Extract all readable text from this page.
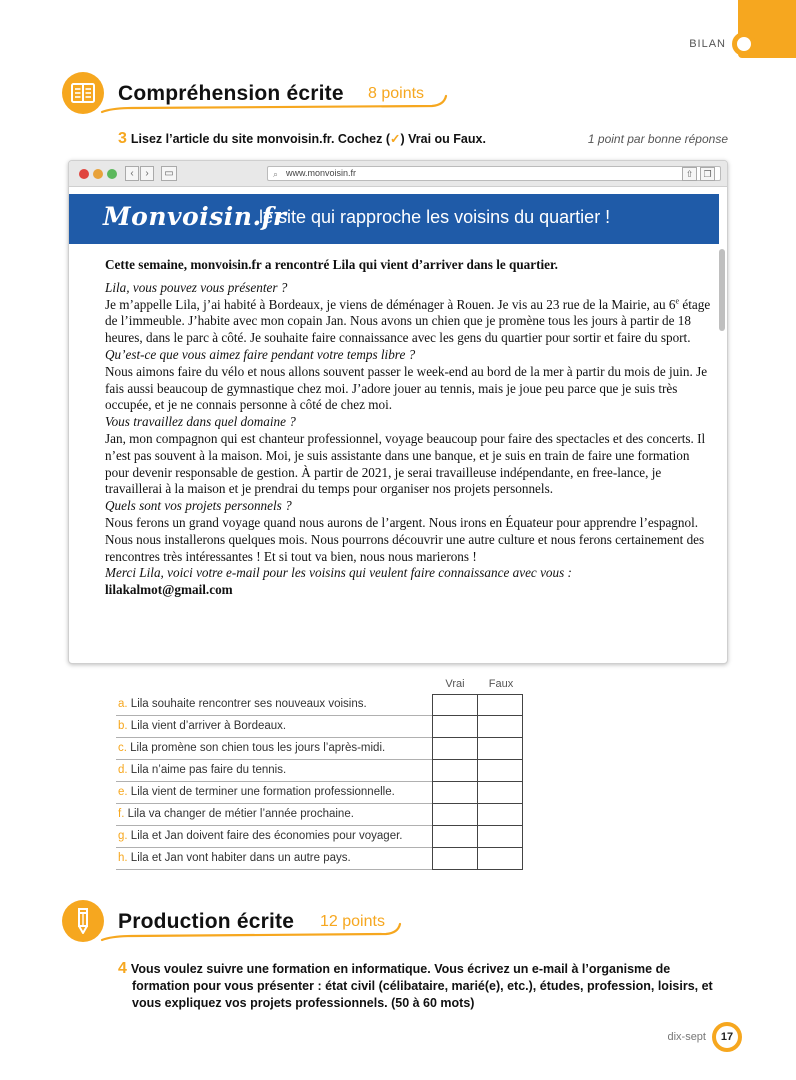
BILAN
Compréhension écrite 8 points
3 Lisez l’article du site monvoisin.fr. Cochez (✓) Vrai ou Faux.	1 point par bonne réponse
‹	›	▭	⌕ www.monvoisin.fr	⇧	❐
Monvoisin.fr
le site qui rapproche les voisins du quartier !

Cette semaine, monvoisin.fr a rencontré Lila qui vient d’arriver dans le quartier.

Lila, vous pouvez vous présenter ?

Je m’appelle Lila, j’ai habité à Bordeaux, je viens de déménager à Rouen. Je vis au 23 rue de la Mairie, au 6e étage de l’immeuble. J’habite avec mon copain Jan. Nous avons un chien que je promène tous les jours à partir de 18 heures, dans le parc à côté. Je souhaite faire connaissance avec les gens du quartier pour sortir et faire du sport.

Qu’est-ce que vous aimez faire pendant votre temps libre ?

Nous aimons faire du vélo et nous allons souvent passer le week-end au bord de la mer à partir du mois de juin. Je fais aussi beaucoup de gymnastique chez moi. J’adore jouer au tennis, mais je joue peu parce que je suis très occupée, et je ne connais personne à côté de chez moi.

Vous travaillez dans quel domaine ?

Jan, mon compagnon qui est chanteur professionnel, voyage beaucoup pour faire des spectacles et des concerts. Il n’est pas souvent à la maison. Moi, je suis assistante dans une banque, et je suis en train de faire une formation pour devenir responsable de gestion. À partir de 2021, je serai travailleuse indépendante, en free-lance, je travaillerai à la maison et je prendrai du temps pour organiser nos projets personnels.

Quels sont vos projets personnels ?

Nous ferons un grand voyage quand nous aurons de l’argent. Nous irons en Équateur pour apprendre l’espagnol. Nous nous installerons quelques mois. Nous pourrons découvrir une autre culture et nous ferons certainement des rencontres très intéressantes ! Et si tout va bien, nous nous marierons !

Merci Lila, voici votre e-mail pour les voisins qui veulent faire connaissance avec vous :

lilakalmot@gmail.com

Vrai	Faux
a. Lila souhaite rencontrer ses nouveaux voisins.
b. Lila vient d’arriver à Bordeaux.
c. Lila promène son chien tous les jours l’après-midi.
d. Lila n’aime pas faire du tennis.
e. Lila vient de terminer une formation professionnelle.
f. Lila va changer de métier l’année prochaine.
g. Lila et Jan doivent faire des économies pour voyager.
h. Lila et Jan vont habiter dans un autre pays.
Production écrite 12 points
4 Vous voulez suivre une formation en informatique. Vous écrivez un e-mail à l’organisme de
formation pour vous présenter : état civil (célibataire, marié(e), etc.), études, profession, loisirs, et vous expliquez vos projets professionnels. (50 à 60 mots)
dix-sept	17
